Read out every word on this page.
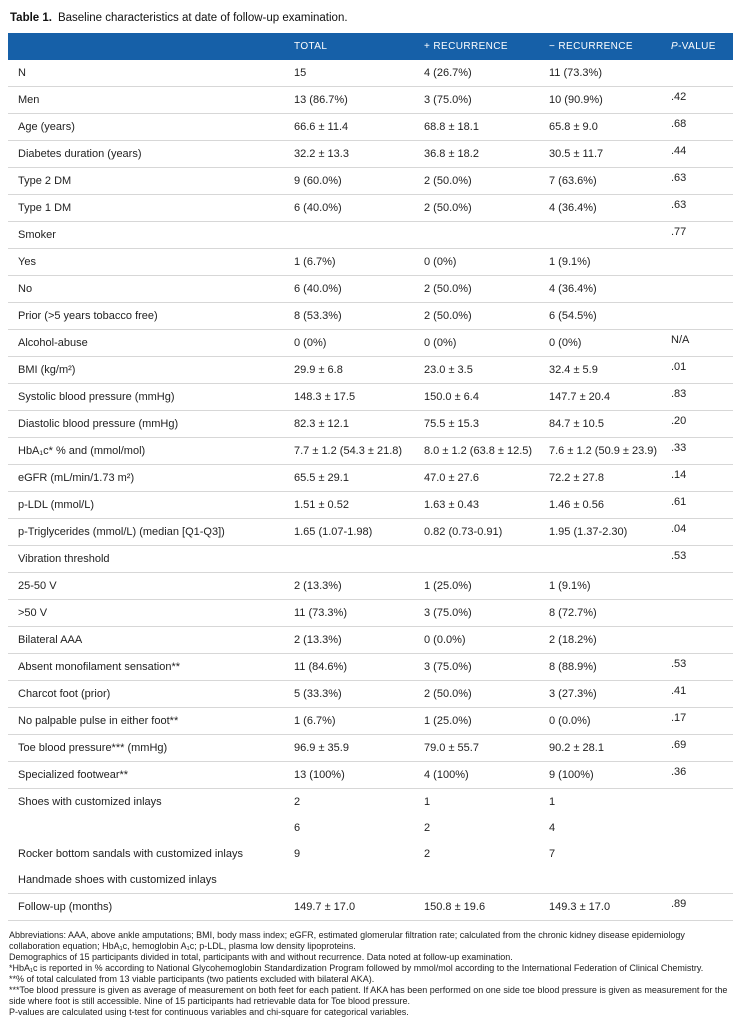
Table 1. Baseline characteristics at date of follow-up examination.

	TOTAL	+ RECURRENCE	− RECURRENCE	P-VALUE
N	15	4 (26.7%)	11 (73.3%)	
Men	13 (86.7%)	3 (75.0%)	10 (90.9%)	.42
Age (years)	66.6 ± 11.4	68.8 ± 18.1	65.8 ± 9.0	.68
Diabetes duration (years)	32.2 ± 13.3	36.8 ± 18.2	30.5 ± 11.7	.44
Type 2 DM	9 (60.0%)	2 (50.0%)	7 (63.6%)	.63
Type 1 DM	6 (40.0%)	2 (50.0%)	4 (36.4%)	.63
Smoker				.77
Yes	1 (6.7%)	0 (0%)	1 (9.1%)	
No	6 (40.0%)	2 (50.0%)	4 (36.4%)	
Prior (>5 years tobacco free)	8 (53.3%)	2 (50.0%)	6 (54.5%)	
Alcohol-abuse	0 (0%)	0 (0%)	0 (0%)	N/A
BMI (kg/m²)	29.9 ± 6.8	23.0 ± 3.5	32.4 ± 5.9	.01
Systolic blood pressure (mmHg)	148.3 ± 17.5	150.0 ± 6.4	147.7 ± 20.4	.83
Diastolic blood pressure (mmHg)	82.3 ± 12.1	75.5 ± 15.3	84.7 ± 10.5	.20
HbA₁c* % and (mmol/mol)	7.7 ± 1.2 (54.3 ± 21.8)	8.0 ± 1.2 (63.8 ± 12.5)	7.6 ± 1.2 (50.9 ± 23.9)	.33
eGFR (mL/min/1.73 m²)	65.5 ± 29.1	47.0 ± 27.6	72.2 ± 27.8	.14
p-LDL (mmol/L)	1.51 ± 0.52	1.63 ± 0.43	1.46 ± 0.56	.61
p-Triglycerides (mmol/L) (median [Q1-Q3])	1.65 (1.07-1.98)	0.82 (0.73-0.91)	1.95 (1.37-2.30)	.04
Vibration threshold				.53
25-50 V	2 (13.3%)	1 (25.0%)	1 (9.1%)	
>50 V	11 (73.3%)	3 (75.0%)	8 (72.7%)	
Bilateral AAA	2 (13.3%)	0 (0.0%)	2 (18.2%)	
Absent monofilament sensation**	11 (84.6%)	3 (75.0%)	8 (88.9%)	.53
Charcot foot (prior)	5 (33.3%)	2 (50.0%)	3 (27.3%)	.41
No palpable pulse in either foot**	1 (6.7%)	1 (25.0%)	0 (0.0%)	.17
Toe blood pressure*** (mmHg)	96.9 ± 35.9	79.0 ± 55.7	90.2 ± 28.1	.69
Specialized footwear**	13 (100%)	4 (100%)	9 (100%)	.36
Shoes with customized inlays	2	1	1	
	6	2	4	
Rocker bottom sandals with customized inlays	9	2	7	
Handmade shoes with customized inlays				
Follow-up (months)	149.7 ± 17.0	150.8 ± 19.6	149.3 ± 17.0	.89

Abbreviations: AAA, above ankle amputations; BMI, body mass index; eGFR, estimated glomerular filtration rate; calculated from the chronic kidney disease epidemiology collaboration equation; HbA₁c, hemoglobin A₁c; p-LDL, plasma low density lipoproteins.

Demographics of 15 participants divided in total, participants with and without recurrence. Data noted at follow-up examination.

*HbA₁c is reported in % according to National Glycohemoglobin Standardization Program followed by mmol/mol according to the International Federation of Clinical Chemistry.

**% of total calculated from 13 viable participants (two patients excluded with bilateral AKA).

***Toe blood pressure is given as average of measurement on both feet for each patient. If AKA has been performed on one side toe blood pressure is given as measurement for the side where foot is still accessible. Nine of 15 participants had retrievable data for Toe blood pressure.

P-values are calculated using t-test for continuous variables and chi-square for categorical variables.
